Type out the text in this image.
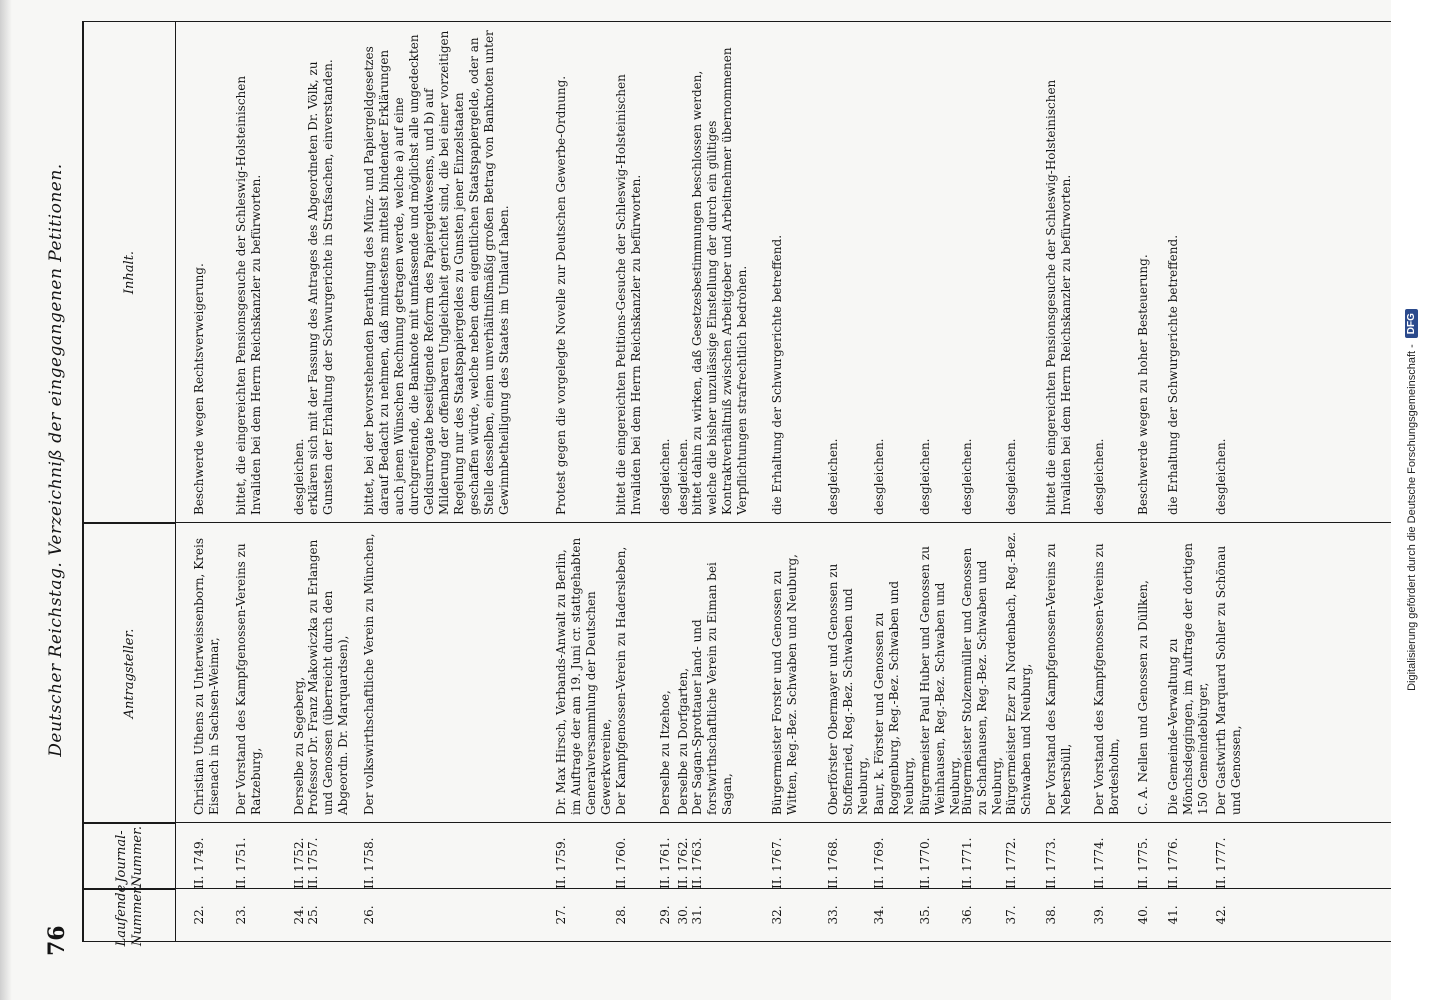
76
Deutscher Reichstag. Verzeichniß der eingegangenen Petitionen.
Laufende Nummer.
Journal-Nummer.
Antragsteller.
Inhalt.
22.
II. 1749.
Christian Uthens zu Unterweissenborn, Kreis Eisenach in Sachsen-Weimar,
Beschwerde wegen Rechtsverweigerung.
23.
II. 1751.
Der Vorstand des Kampfgenossen-Vereins zu Ratzeburg,
bittet, die eingereichten Pensionsgesuche der Schleswig-Holsteinischen Invaliden bei dem Herrn Reichskanzler zu befürworten.
24.
II. 1752.
Derselbe zu Segeberg,
desgleichen.
25.
II. 1757.
Professor Dr. Franz Makowiczka zu Erlangen und Genossen (überreicht durch den Abgeordn. Dr. Marquardsen),
erklären sich mit der Fassung des Antrages des Abgeordneten Dr. Völk, zu Gunsten der Erhaltung der Schwurgerichte in Strafsachen, einverstanden.
26.
II. 1758.
Der volkswirthschaftliche Verein zu München,
bittet, bei der bevorstehenden Berathung des Münz- und Papiergeldgesetzes darauf Bedacht zu nehmen, daß mindestens mittelst bindender Erklärungen auch jenen Wünschen Rechnung getragen werde, welche a) auf eine durchgreifende, die Banknote mit umfassende und möglichst alle ungedeckten Geldsurrogate beseitigende Reform des Papiergeldwesens, und b) auf Milderung der offenbaren Ungleichheit gerichtet sind, die bei einer vorzeitigen Regelung nur des Staatspapiergeldes zu Gunsten jener Einzelstaaten geschaffen würde, welche neben dem eigentlichen Staatspapiergelde, oder an Stelle desselben, einen unverhältnißmäßig großen Betrag von Banknoten unter Gewinnbetheiligung des Staates im Umlauf haben.
27.
II. 1759.
Dr. Max Hirsch, Verbands-Anwalt zu Berlin, im Auftrage der am 19. Juni cr. stattgehabten Generalversammlung der Deutschen Gewerkvereine,
Protest gegen die vorgelegte Novelle zur Deutschen Gewerbe-Ordnung.
28.
II. 1760.
Der Kampfgenossen-Verein zu Hadersleben,
bittet die eingereichten Petitions-Gesuche der Schleswig-Holsteinischen Invaliden bei dem Herrn Reichskanzler zu befürworten.
29.
II. 1761.
Derselbe zu Itzehoe,
desgleichen.
30.
II. 1762.
Derselbe zu Dorfgarten,
desgleichen.
31.
II. 1763.
Der Sagan-Sprottauer land- und forstwirthschaftliche Verein zu Eiman bei Sagan,
bittet dahin zu wirken, daß Gesetzesbestimmungen beschlossen werden, welche die bisher unzulässige Einstellung der durch ein gültiges Kontraktverhältniß zwischen Arbeitgeber und Arbeitnehmer übernommenen Verpflichtungen strafrechtlich bedrohen.
32.
II. 1767.
Bürgermeister Forster und Genossen zu Witten, Reg.-Bez. Schwaben und Neuburg,
die Erhaltung der Schwurgerichte betreffend.
33.
II. 1768.
Oberförster Obermayer und Genossen zu Stoffenried, Reg.-Bez. Schwaben und Neuburg,
desgleichen.
34.
II. 1769.
Baur, k. Förster und Genossen zu Roggenburg, Reg.-Bez. Schwaben und Neuburg,
desgleichen.
35.
II. 1770.
Bürgermeister Paul Huber und Genossen zu Weinhausen, Reg.-Bez. Schwaben und Neuburg,
desgleichen.
36.
II. 1771.
Bürgermeister Stolzenmüller und Genossen zu Schafhausen, Reg.-Bez. Schwaben und Neuburg,
desgleichen.
37.
II. 1772.
Bürgermeister Ezer zu Nordenbach, Reg.-Bez. Schwaben und Neuburg,
desgleichen.
38.
II. 1773.
Der Vorstand des Kampfgenossen-Vereins zu Nebersbüll,
bittet die eingereichten Pensionsgesuche der Schleswig-Holsteinischen Invaliden bei dem Herrn Reichskanzler zu befürworten.
39.
II. 1774.
Der Vorstand des Kampfgenossen-Vereins zu Bordesholm,
desgleichen.
40.
II. 1775.
C. A. Nellen und Genossen zu Düllken,
Beschwerde wegen zu hoher Besteuerung.
41.
II. 1776.
Die Gemeinde-Verwaltung zu Mönchsdeggingen, im Auftrage der dortigen 150 Gemeindebürger,
die Erhaltung der Schwurgerichte betreffend.
42.
II. 1777.
Der Gastwirth Marquard Sohler zu Schönau und Genossen,
desgleichen.	Digitalisierung gefördert durch die Deutsche Forschungsgemeinschaft -
DFG
